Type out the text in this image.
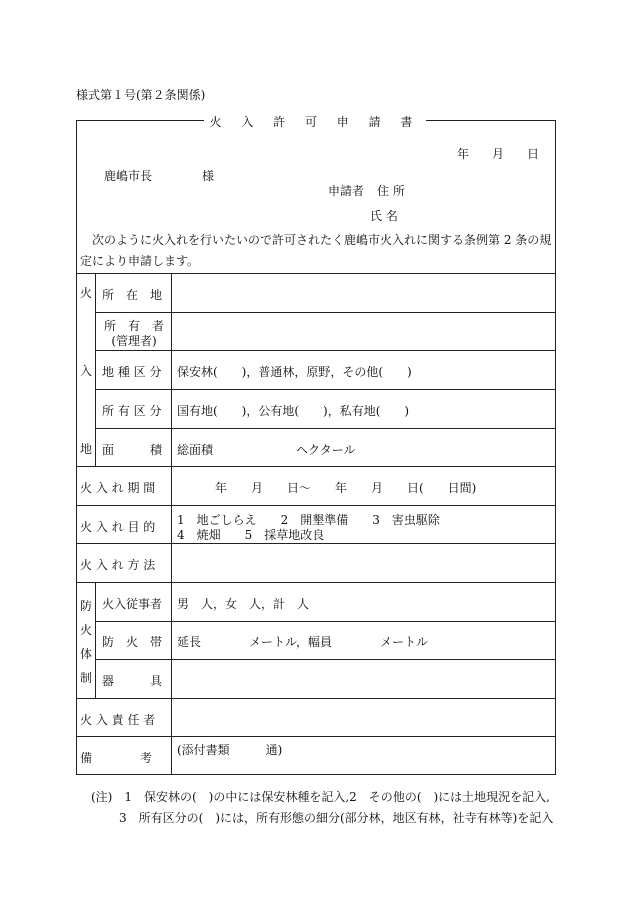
様式第１号(第２条関係)
火 入 許 可 申 請 書
年 月 日
鹿嶋市長	様
申請者 住 所
氏 名
次のように火入れを行いたいので許可されたく鹿嶋市火入れに関する条例第 2 条の規
定により申請します。
火
入
地
所　在　地
所　有　者
(管理者)
地 種 区 分
所 有 区 分
面　　　積
火 入 れ 期 間
火 入 れ 目 的
火 入 れ 方 法
防
火
体
制
火入従事者
防　火　帯
器　　　具
火 入 責 任 者
備　　　　考
保安林(　　)，普通林，原野，その他(　　)
国有地(　　)，公有地(　　)，私有地(　　)
総面積	ヘクタール
年　　月　　日～　　年　　月　　日(　　日間)
1　地ごしらえ　　2　開墾準備　　3　害虫駆除
4　焼畑　　5　採草地改良
男　人，女　人，計　人
延長　　　　メートル，幅員　　　　メートル
(添付書類　　　通)
(注)　1　保安林の(　)の中には保安林種を記入,2　その他の(　)には土地現況を記入,
3　所有区分の(　)には，所有形態の細分(部分林，地区有林，社寺有林等)を記入
